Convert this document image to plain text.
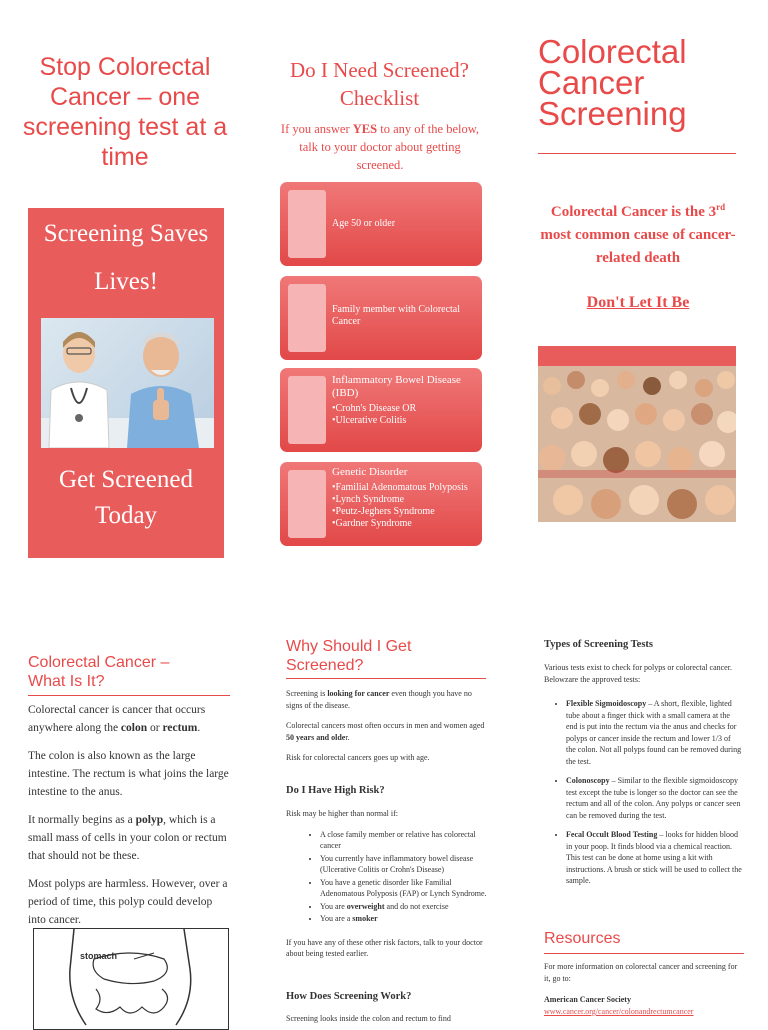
Stop Colorectal Cancer – one screening test at a time
Screening Saves
Lives!
Get Screened
Today
Do I Need Screened?
Checklist
If you answer YES to any of the below, talk to your doctor about getting screened.
Age 50 or older
Family member with Colorectal Cancer
Inflammatory Bowel Disease (IBD)
•Crohn's Disease OR
•Ulcerative Colitis
Genetic Disorder
•Familial Adenomatous Polyposis
•Lynch Syndrome
•Peutz-Jeghers Syndrome
•Gardner Syndrome
Colorectal
Cancer
Screening
Colorectal Cancer is the 3rd most common cause of cancer-related death
Don't Let It Be
Colorectal Cancer –
What Is It?

Colorectal cancer is cancer that occurs anywhere along the colon or rectum.

The colon is also known as the large intestine. The rectum is what joins the large intestine to the anus.

It normally begins as a polyp, which is a small mass of cells in your colon or rectum that should not be these.

Most polyps are harmless. However, over a period of time, this polyp could develop into cancer.

stomach
Why Should I Get
Screened?

Screening is looking for cancer even though you have no signs of the disease.

Colorectal cancers most often occurs in men and women aged 50 years and older.

Risk for colorectal cancers goes up with age.

Do I Have High Risk?

Risk may be higher than normal if:

• A close family member or relative has colorectal cancer
• You currently have inflammatory bowel disease (Ulcerative Colitis or Crohn's Disease)
• You have a genetic disorder like Familial Adenomatous Polyposis (FAP) or Lynch Syndrome.
• You are overweight and do not exercise
• You are a smoker

If you have any of these other risk factors, talk to your doctor about being tested earlier.

How Does Screening Work?
Screening looks inside the colon and rectum to find
Types of Screening Tests
Various tests exist to check for polyps or colorectal cancer. Belowzare the approved tests:
• Flexible Sigmoidoscopy – A short, flexible, lighted tube about a finger thick with a small camera at the end is put into the rectum via the anus and checks for polyps or cancer inside the rectum and lower 1/3 of the colon. Not all polyps found can be removed during the test.
• Colonoscopy – Similar to the flexible sigmoidoscopy test except the tube is longer so the doctor can see the rectum and all of the colon. Any polyps or cancer seen can be removed during the test.
• Fecal Occult Blood Testing – looks for hidden blood in your poop. It finds blood via a chemical reaction. This test can be done at home using a kit with instructions. A brush or stick will be used to collect the sample.
Resources
For more information on colorectal cancer and screening for it, go to:
American Cancer Society
www.cancer.org/cancer/colonandrectumcancer
